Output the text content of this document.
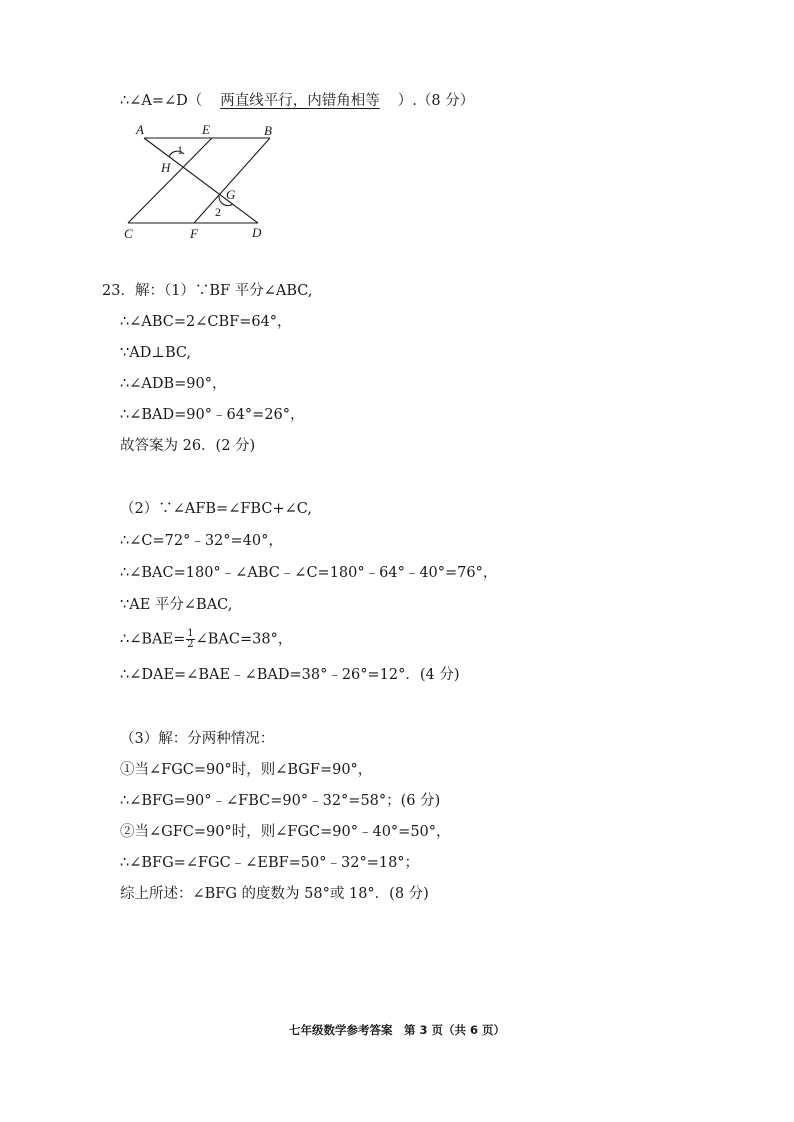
∴∠A=∠D（ 两直线平行，内错角相等 ）.（8 分）
A	E	B
H
G
C	F	D
1
2
23．解：（1）∵BF 平分∠ABC,
∴∠ABC=2∠CBF=64°，
∵AD⊥BC,
∴∠ADB=90°，
∴∠BAD=90°﹣64°=26°，
故答案为 26．(2 分)
（2）∵∠AFB=∠FBC+∠C,
∴∠C=72°﹣32°=40°，
∴∠BAC=180°﹣∠ABC﹣∠C=180°﹣64°﹣40°=76°，
∵AE 平分∠BAC,
∴∠BAE= $\frac{1}{2}$ ∠BAC=38°，
∴∠DAE=∠BAE﹣∠BAD=38°﹣26°=12°．(4 分)
（3）解：分两种情况：
①当∠FGC=90°时，则∠BGF=90°，
∴∠BFG=90°﹣∠FBC=90°﹣32°=58°；(6 分)
②当∠GFC=90°时，则∠FGC=90°﹣40°=50°，
∴∠BFG=∠FGC﹣∠EBF=50°﹣32°=18°；
综上所述：∠BFG 的度数为 58°或 18°．(8 分)
七年级数学参考答案　第 3 页（共 6 页）
